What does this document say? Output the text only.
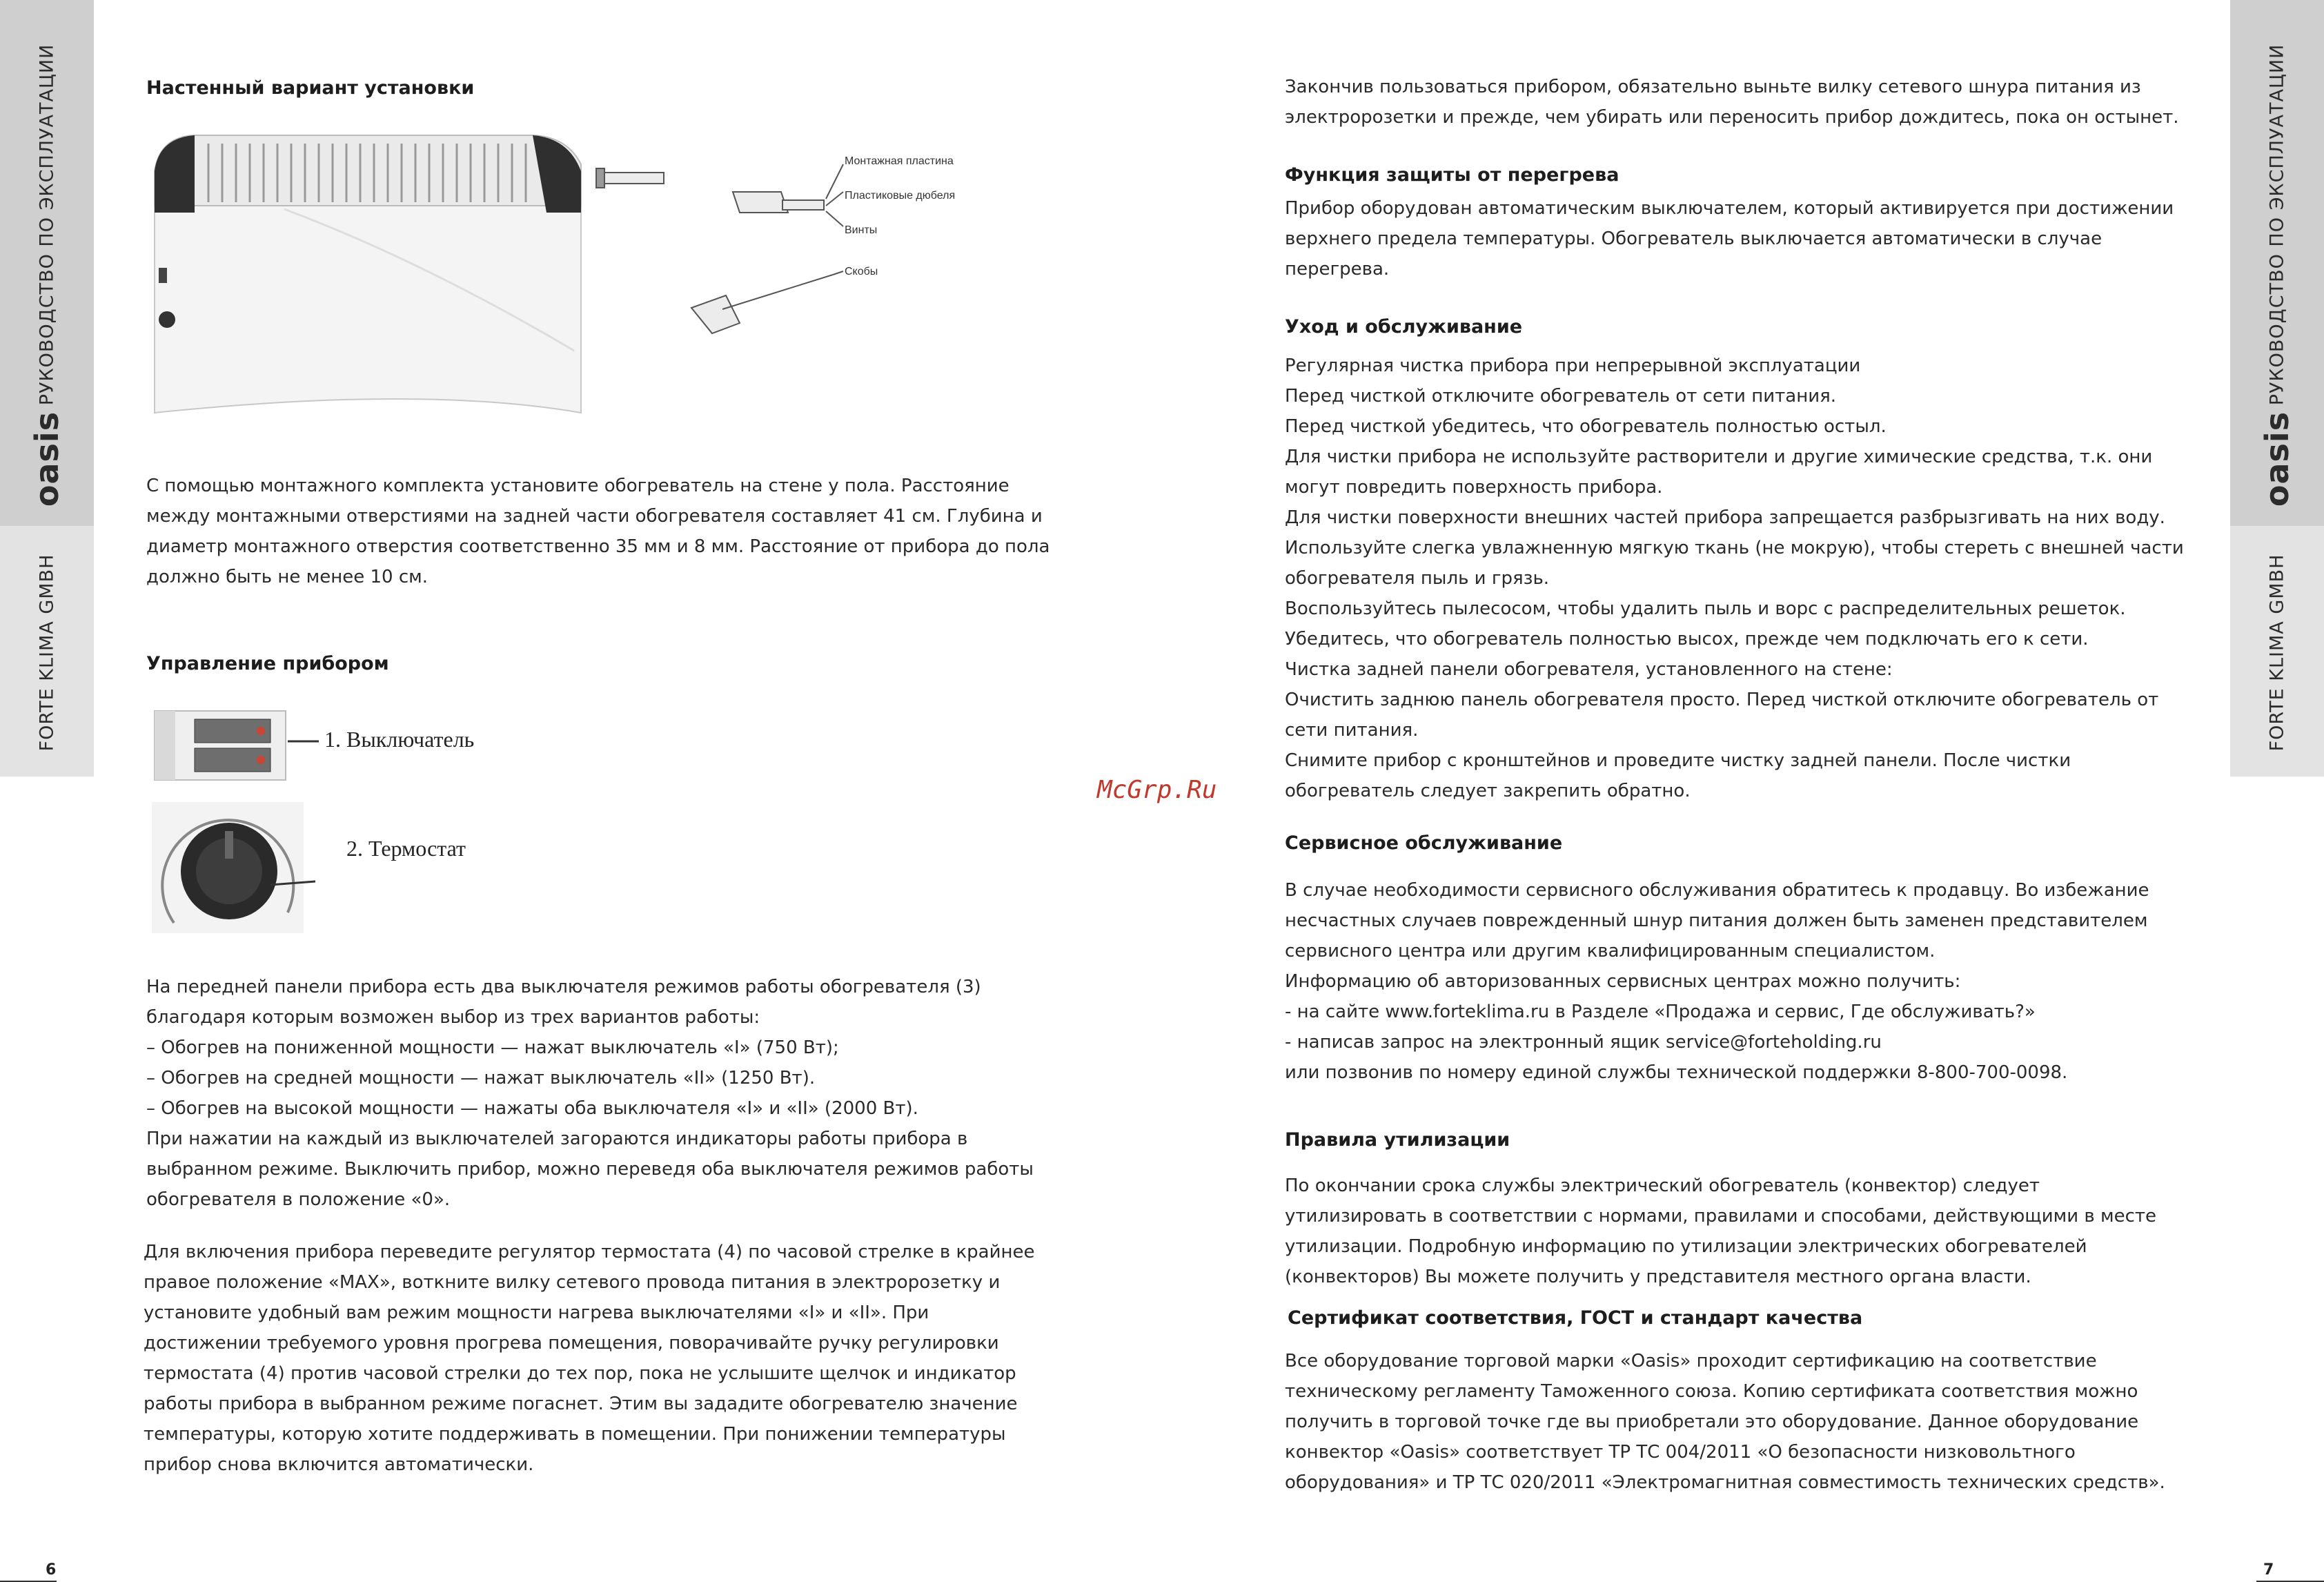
РУКОВОДСТВО ПО ЭКСПЛУАТАЦИИ
oasis
FORTE KLIMA GMBH
РУКОВОДСТВО ПО ЭКСПЛУАТАЦИИ
oasis
FORTE KLIMA GMBH
Настенный вариант установки
Монтажная пластина
Пластиковые дюбеля
Винты
Скобы
С помощью монтажного комплекта установите обогреватель на стене у пола. Расстояние
между монтажными отверстиями на задней части обогревателя составляет 41 см. Глубина и
диаметр монтажного отверстия соответственно 35 мм и 8 мм. Расстояние от прибора до пола
должно быть не менее 10 см.
Управление прибором
1. Выключатель
2. Термостат
На передней панели прибора есть два выключателя режимов работы обогревателя (3)
благодаря которым возможен выбор из трех вариантов работы:
– Обогрев на пониженной мощности — нажат выключатель «I» (750 Вт);
– Обогрев на средней мощности — нажат выключатель «II» (1250 Вт).
– Обогрев на высокой мощности — нажаты оба выключателя «I» и «II» (2000 Вт).
При нажатии на каждый из выключателей загораются индикаторы работы прибора в
выбранном режиме. Выключить прибор, можно переведя оба выключателя режимов работы
обогревателя в положение «0».
Для включения прибора переведите регулятор термостата (4) по часовой стрелке в крайнее
правое положение «MAX», воткните вилку сетевого провода питания в электророзетку и
установите удобный вам режим мощности нагрева выключателями «I» и «II». При
достижении требуемого уровня прогрева помещения, поворачивайте ручку регулировки
термостата (4) против часовой стрелки до тех пор, пока не услышите щелчок и индикатор
работы прибора в выбранном режиме погаснет. Этим вы зададите обогревателю значение
температуры, которую хотите поддерживать в помещении. При понижении температуры
прибор снова включится автоматически.
6
McGrp.Ru
Закончив пользоваться прибором, обязательно выньте вилку сетевого шнура питания из
электророзетки и прежде, чем убирать или переносить прибор дождитесь, пока он остынет.
Функция защиты от перегрева
Прибор оборудован автоматическим выключателем, который активируется при достижении
верхнего предела температуры. Обогреватель выключается автоматически в случае
перегрева.
Уход и обслуживание
Регулярная чистка прибора при непрерывной эксплуатации
Перед чисткой отключите обогреватель от сети питания.
Перед чисткой убедитесь, что обогреватель полностью остыл.
Для чистки прибора не используйте растворители и другие химические средства, т.к. они
могут повредить поверхность прибора.
Для чистки поверхности внешних частей прибора запрещается разбрызгивать на них воду.
Используйте слегка увлажненную мягкую ткань (не мокрую), чтобы стереть с внешней части
обогревателя пыль и грязь.
Воспользуйтесь пылесосом, чтобы удалить пыль и ворс с распределительных решеток.
Убедитесь, что обогреватель полностью высох, прежде чем подключать его к сети.
Чистка задней панели обогревателя, установленного на стене:
Очистить заднюю панель обогревателя просто. Перед чисткой отключите обогреватель от
сети питания.
Снимите прибор с кронштейнов и проведите чистку задней панели. После чистки
обогреватель следует закрепить обратно.
Сервисное обслуживание
В случае необходимости сервисного обслуживания обратитесь к продавцу. Во избежание
несчастных случаев поврежденный шнур питания должен быть заменен представителем
сервисного центра или другим квалифицированным специалистом.
Информацию об авторизованных сервисных центрах можно получить:
- на сайте www.forteklima.ru в Разделе «Продажа и сервис, Где обслуживать?»
- написав запрос на электронный ящик service@forteholding.ru
или позвонив по номеру единой службы технической поддержки 8-800-700-0098.
Правила утилизации
По окончании срока службы электрический обогреватель (конвектор) следует
утилизировать в соответствии с нормами, правилами и способами, действующими в месте
утилизации. Подробную информацию по утилизации электрических обогревателей
(конвекторов) Вы можете получить у представителя местного органа власти.
Сертификат соответствия, ГОСТ и стандарт качества
Все оборудование торговой марки «Oasis» проходит сертификацию на соответствие
техническому регламенту Таможенного союза. Копию сертификата соответствия можно
получить в торговой точке где вы приобретали это оборудование. Данное оборудование
конвектор «Oasis» соответствует ТР ТС 004/2011 «О безопасности низковольтного
оборудования» и ТР ТС 020/2011 «Электромагнитная совместимость технических средств».
7
